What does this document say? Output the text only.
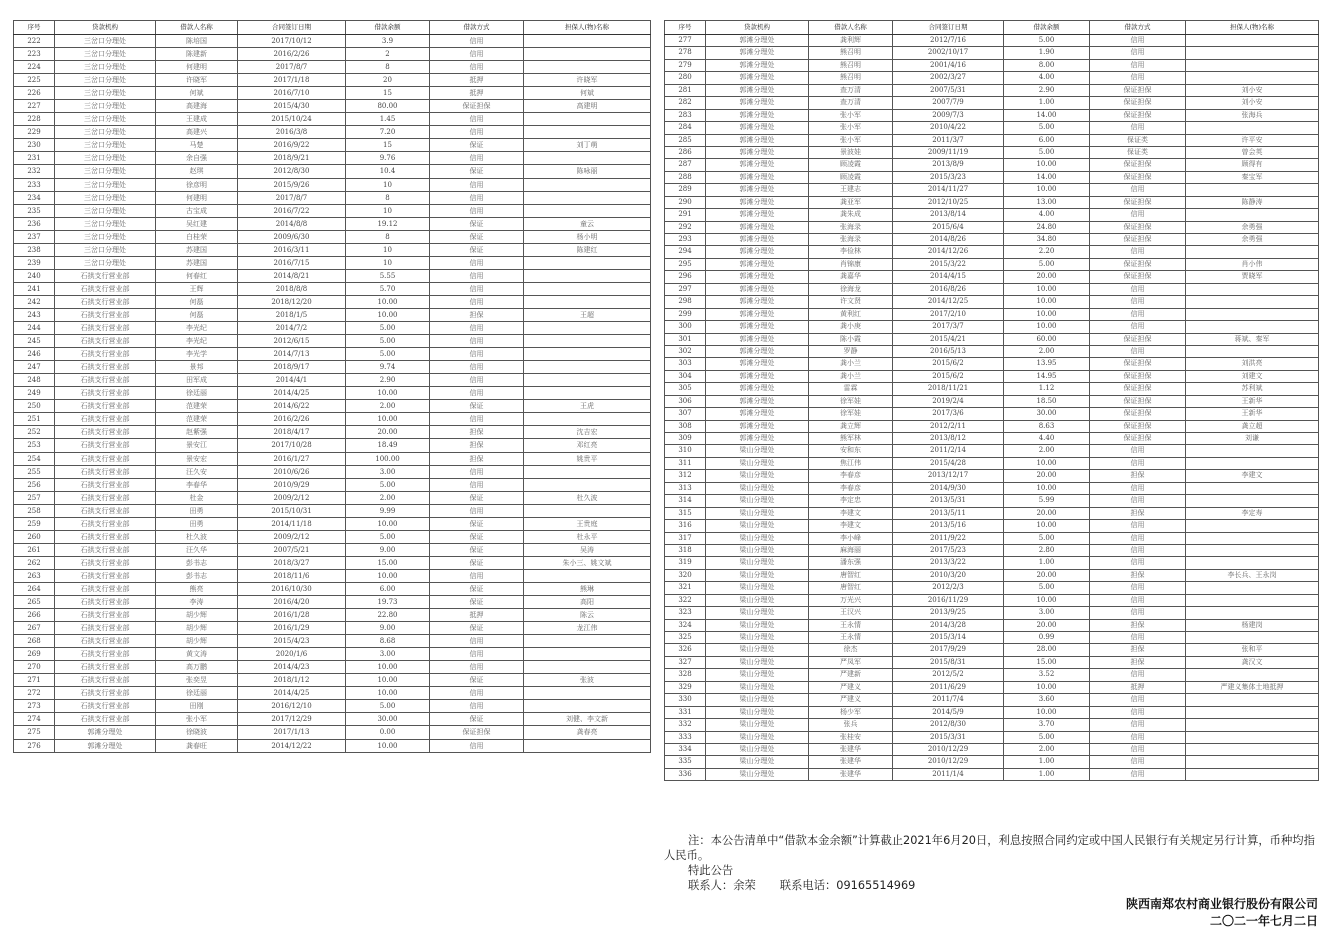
序号	贷款机构	借款人名称	合同签订日期	借款余额	借款方式	担保人(物)名称
222	三岔口分理处	陈培国	2017/10/12	3.9	信用	
223	三岔口分理处	陈建新	2016/2/26	2	信用	
224	三岔口分理处	何建明	2017/8/7	8	信用	
225	三岔口分理处	许晓军	2017/1/18	20	抵押	许晓军
226	三岔口分理处	何斌	2016/7/10	15	抵押	何斌
227	三岔口分理处	高建海	2015/4/30	80.00	保证担保	高建明
228	三岔口分理处	王建成	2015/10/24	1.45	信用	
229	三岔口分理处	高建兴	2016/3/8	7.20	信用	
230	三岔口分理处	马楚	2016/9/22	15	保证	刘丁萌
231	三岔口分理处	余自强	2018/9/21	9.76	信用	
232	三岔口分理处	赵琪	2012/8/30	10.4	保证	陈咏丽
233	三岔口分理处	徐彦明	2015/9/26	10	信用	
234	三岔口分理处	何建明	2017/8/7	8	信用	
235	三岔口分理处	古宝成	2016/7/22	10	信用	
236	三岔口分理处	吴红建	2014/8/8	19.12	保证	童云
237	三岔口分理处	白桂荣	2009/6/30	8	保证	杨小明
238	三岔口分理处	苏建国	2016/3/11	10	保证	陈建红
239	三岔口分理处	苏建国	2016/7/15	10	信用	
240	石拱支行营业部	何春红	2014/8/21	5.55	信用	
241	石拱支行营业部	王辉	2018/8/8	5.70	信用	
242	石拱支行营业部	何磊	2018/12/20	10.00	信用	
243	石拱支行营业部	何磊	2018/1/5	10.00	担保	王超
244	石拱支行营业部	李光纪	2014/7/2	5.00	信用	
245	石拱支行营业部	李光纪	2012/6/15	5.00	信用	
246	石拱支行营业部	李光学	2014/7/13	5.00	信用	
247	石拱支行营业部	景邦	2018/9/17	9.74	信用	
248	石拱支行营业部	田军成	2014/4/1	2.90	信用	
249	石拱支行营业部	徐廷丽	2014/4/25	10.00	信用	
250	石拱支行营业部	范建荣	2014/6/22	2.00	保证	王虎
251	石拱支行营业部	范建荣	2016/2/26	10.00	信用	
252	石拱支行营业部	赵紫强	2018/4/17	20.00	担保	沈吉宏
253	石拱支行营业部	景安江	2017/10/28	18.49	担保	邓红亮
254	石拱支行营业部	景安宏	2016/1/27	100.00	担保	姚贵平
255	石拱支行营业部	汪久安	2010/6/26	3.00	信用	
256	石拱支行营业部	李春华	2010/9/29	5.00	信用	
257	石拱支行营业部	杜金	2009/2/12	2.00	保证	杜久波
258	石拱支行营业部	田勇	2015/10/31	9.99	信用	
259	石拱支行营业部	田勇	2014/11/18	10.00	保证	王贵庭
260	石拱支行营业部	杜久波	2009/2/12	5.00	保证	杜永平
261	石拱支行营业部	汪久华	2007/5/21	9.00	保证	吴涛
262	石拱支行营业部	彭书志	2018/3/27	15.00	保证	朱小三、姚文斌
263	石拱支行营业部	彭书志	2018/11/6	10.00	信用	
264	石拱支行营业部	熊亮	2016/10/30	6.00	保证	熊琳
265	石拱支行营业部	李涛	2016/4/20	19.73	保证	高阳
266	石拱支行营业部	胡少辉	2016/1/28	22.80	抵押	陈云
267	石拱支行营业部	胡少辉	2016/1/29	9.00	保证	龙江伟
268	石拱支行营业部	胡少辉	2015/4/23	8.68	信用	
269	石拱支行营业部	黄文涛	2020/1/6	3.00	信用	
270	石拱支行营业部	高万鹏	2014/4/23	10.00	信用	
271	石拱支行营业部	张奕昱	2018/1/12	10.00	保证	张波
272	石拱支行营业部	徐廷丽	2014/4/25	10.00	信用	
273	石拱支行营业部	田刚	2016/12/10	5.00	信用	
274	石拱支行营业部	张小军	2017/12/29	30.00	保证	刘健、李文新
275	郭滩分理处	徐晓波	2017/1/13	0.00	保证担保	龚春亮
276	郭滩分理处	龚春旺	2014/12/22	10.00	信用	
序号	贷款机构	借款人名称	合同签订日期	借款余额	借款方式	担保人(物)名称
277	郭滩分理处	龚利辉	2012/7/16	5.00	信用	
278	郭滩分理处	熊召明	2002/10/17	1.90	信用	
279	郭滩分理处	熊召明	2001/4/16	8.00	信用	
280	郭滩分理处	熊召明	2002/3/27	4.00	信用	
281	郭滩分理处	查万清	2007/5/31	2.90	保证担保	刘小安
282	郭滩分理处	查万清	2007/7/9	1.00	保证担保	刘小安
283	郭滩分理处	张小军	2009/7/3	14.00	保证担保	张海兵
284	郭滩分理处	张小军	2010/4/22	5.00	信用	
285	郭滩分理处	张小军	2011/3/7	6.00	保证类	许平安
286	郭滩分理处	景波娃	2009/11/19	5.00	保证类	曾会英
287	郭滩分理处	顾凌霞	2013/8/9	10.00	保证担保	顾得有
288	郭滩分理处	顾凌霞	2015/3/23	14.00	保证担保	秦宝军
289	郭滩分理处	王建志	2014/11/27	10.00	信用	
290	郭滩分理处	龚亚军	2012/10/25	13.00	保证担保	陈静涛
291	郭滩分理处	龚朱成	2013/8/14	4.00	信用	
292	郭滩分理处	张海录	2015/6/4	24.80	保证担保	余勇强
293	郭滩分理处	张海录	2014/8/26	34.80	保证担保	余勇强
294	郭滩分理处	李俭林	2014/12/26	2.20	信用	
295	郭滩分理处	肖锦康	2015/3/22	5.00	保证担保	肖小伟
296	郭滩分理处	龚嘉华	2014/4/15	20.00	保证担保	贾晓军
297	郭滩分理处	徐海龙	2016/8/26	10.00	信用	
298	郭滩分理处	许文贤	2014/12/25	10.00	信用	
299	郭滩分理处	黄利红	2017/2/10	10.00	信用	
300	郭滩分理处	龚小庚	2017/3/7	10.00	信用	
301	郭滩分理处	陈小霞	2015/4/21	60.00	保证担保	蒋斌、秦军
302	郭滩分理处	罗静	2016/5/13	2.00	信用	
303	郭滩分理处	龚小兰	2015/6/2	13.95	保证担保	刘洪亮
304	郭滩分理处	龚小兰	2015/6/2	14.95	保证担保	刘建文
305	郭滩分理处	雷霖	2018/11/21	1.12	保证担保	苏利斌
306	郭滩分理处	徐军娃	2019/2/4	18.50	保证担保	王新华
307	郭滩分理处	徐军娃	2017/3/6	30.00	保证担保	王新华
308	郭滩分理处	龚立辉	2012/2/11	8.63	保证担保	龚立超
309	郭滩分理处	熊军林	2013/8/12	4.40	保证担保	刘谦
310	梁山分理处	安和东	2011/2/14	2.00	信用	
311	梁山分理处	焦江伟	2015/4/28	10.00	信用	
312	梁山分理处	李春彦	2013/12/17	20.00	担保	李建文
313	梁山分理处	李春彦	2014/9/30	10.00	信用	
314	梁山分理处	李定忠	2013/5/31	5.99	信用	
315	梁山分理处	李建文	2013/5/11	20.00	担保	李定寿
316	梁山分理处	李建文	2013/5/16	10.00	信用	
317	梁山分理处	李小峰	2011/9/22	5.00	信用	
318	梁山分理处	麻海丽	2017/5/23	2.80	信用	
319	梁山分理处	潘东强	2013/3/22	1.00	信用	
320	梁山分理处	唐智红	2010/3/20	20.00	担保	李长兵、王永岗
321	梁山分理处	唐智红	2012/2/3	5.00	信用	
322	梁山分理处	万光兴	2016/11/29	10.00	信用	
323	梁山分理处	王汉兴	2013/9/25	3.00	信用	
324	梁山分理处	王永情	2014/3/28	20.00	担保	杨建岗
325	梁山分理处	王永情	2015/3/14	0.99	信用	
326	梁山分理处	徐杰	2017/9/29	28.00	担保	张和平
327	梁山分理处	严凤军	2015/8/31	15.00	担保	龚汉文
328	梁山分理处	严建新	2012/5/2	3.52	信用	
329	梁山分理处	严建义	2011/6/29	10.00	抵押	严建义集体土地抵押
330	梁山分理处	严建义	2011/7/4	3.60	信用	
331	梁山分理处	杨少军	2014/5/9	10.00	信用	
332	梁山分理处	张兵	2012/8/30	3.70	信用	
333	梁山分理处	张桂安	2015/3/31	5.00	信用	
334	梁山分理处	张建华	2010/12/29	2.00	信用	
335	梁山分理处	张建华	2010/12/29	1.00	信用	
336	梁山分理处	张建华	2011/1/4	1.00	信用	

注：本公告清单中“借款本金余额”计算截止2021年6月20日，利息按照合同约定或中国人民银行有关规定另行计算，币种均指人民币。

特此公告

联系人：余荣 联系电话：09165514969

陕西南郑农村商业银行股份有限公司
二〇二一年七月二日
